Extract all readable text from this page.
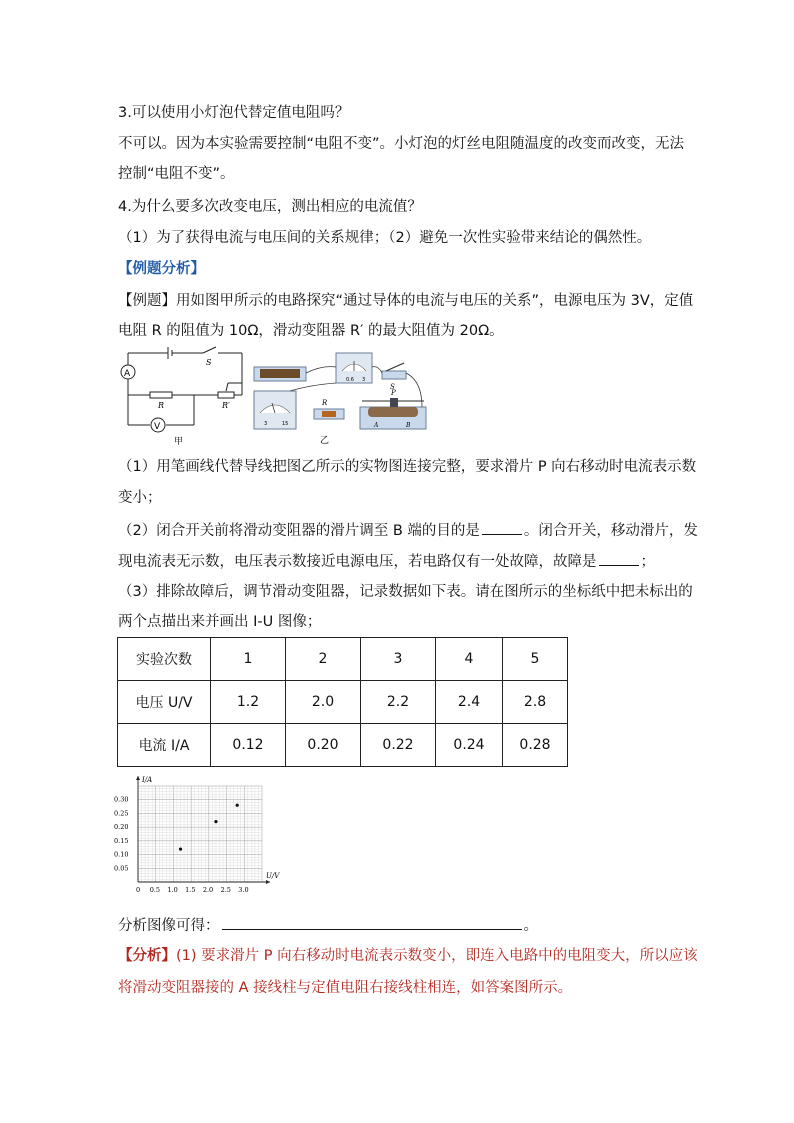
3.可以使用小灯泡代替定值电阻吗？
不可以。因为本实验需要控制“电阻不变”。小灯泡的灯丝电阻随温度的改变而改变，无法
控制“电阻不变”。
4.为什么要多次改变电压，测出相应的电流值？
（1）为了获得电流与电压间的关系规律；（2）避免一次性实验带来结论的偶然性。
【例题分析】
【例题】用如图甲所示的电路探究“通过导体的电流与电压的关系”，电源电压为 3V，定值
电阻 R 的阻值为 10Ω，滑动变阻器 R′ 的最大阻值为 20Ω。
A
V
S
R	R′
甲
0.6 3
S
3	15
R
P
A	B
乙
（1）用笔画线代替导线把图乙所示的实物图连接完整，要求滑片 P 向右移动时电流表示数
变小；
（2）闭合开关前将滑动变阻器的滑片调至 B 端的目的是	。闭合开关，移动滑片，发
现电流表无示数，电压表示数接近电源电压，若电路仅有一处故障，故障是	；
（3）排除故障后，调节滑动变阻器，记录数据如下表。请在图所示的坐标纸中把未标出的
两个点描出来并画出 I-U 图像；
实验次数	1	2	3	4	5
电压 U/V	1.2	2.0	2.2	2.4	2.8
电流 I/A	0.12	0.20	0.22	0.24	0.28
U/V
I/A
0 0.5 1.0 1.5 2.0 2.5 3.0
0.30
0.25
0.20
0.15
0.10
0.05
分析图像可得：	。
【分析】(1) 要求滑片 P 向右移动时电流表示数变小，即连入电路中的电阻变大，所以应该
将滑动变阻器接的 A 接线柱与定值电阻右接线柱相连，如答案图所示。
